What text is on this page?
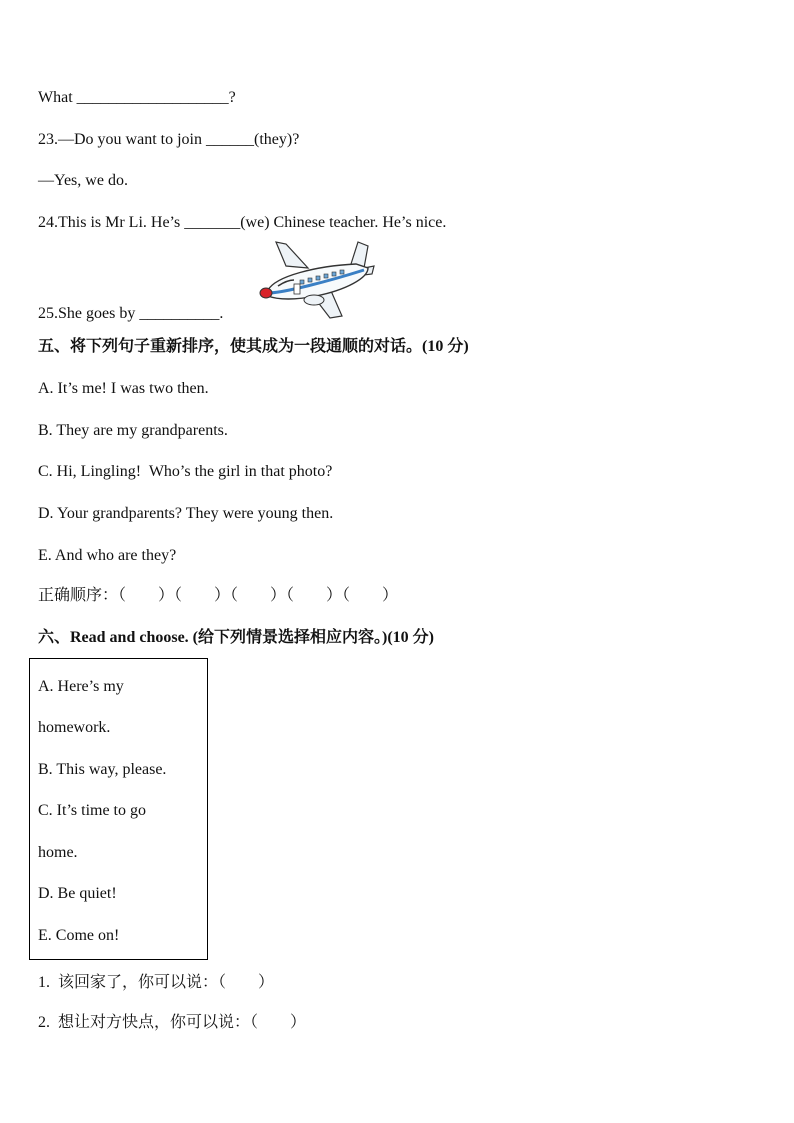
What ___________________?
23.—Do you want to join ______(they)?
—Yes, we do.
24.This is Mr Li. He’s _______(we) Chinese teacher. He’s nice.
25.She goes by __________.
五、将下列句子重新排序，使其成为一段通顺的对话。(10 分)
A. It’s me! I was two then.
B. They are my grandparents.
C. Hi, Lingling!  Who’s the girl in that photo?
D. Your grandparents? They were young then.
E. And who are they?
正确顺序：（        ）（        ）（        ）（        ）（        ）
六、Read and choose. (给下列情景选择相应内容。)(10 分)
A. Here’s my
homework.
B. This way, please.
C. It’s time to go
home.
D. Be quiet!
E. Come on!
1.  该回家了，你可以说：（        ）
2.  想让对方快点，你可以说：（        ）
